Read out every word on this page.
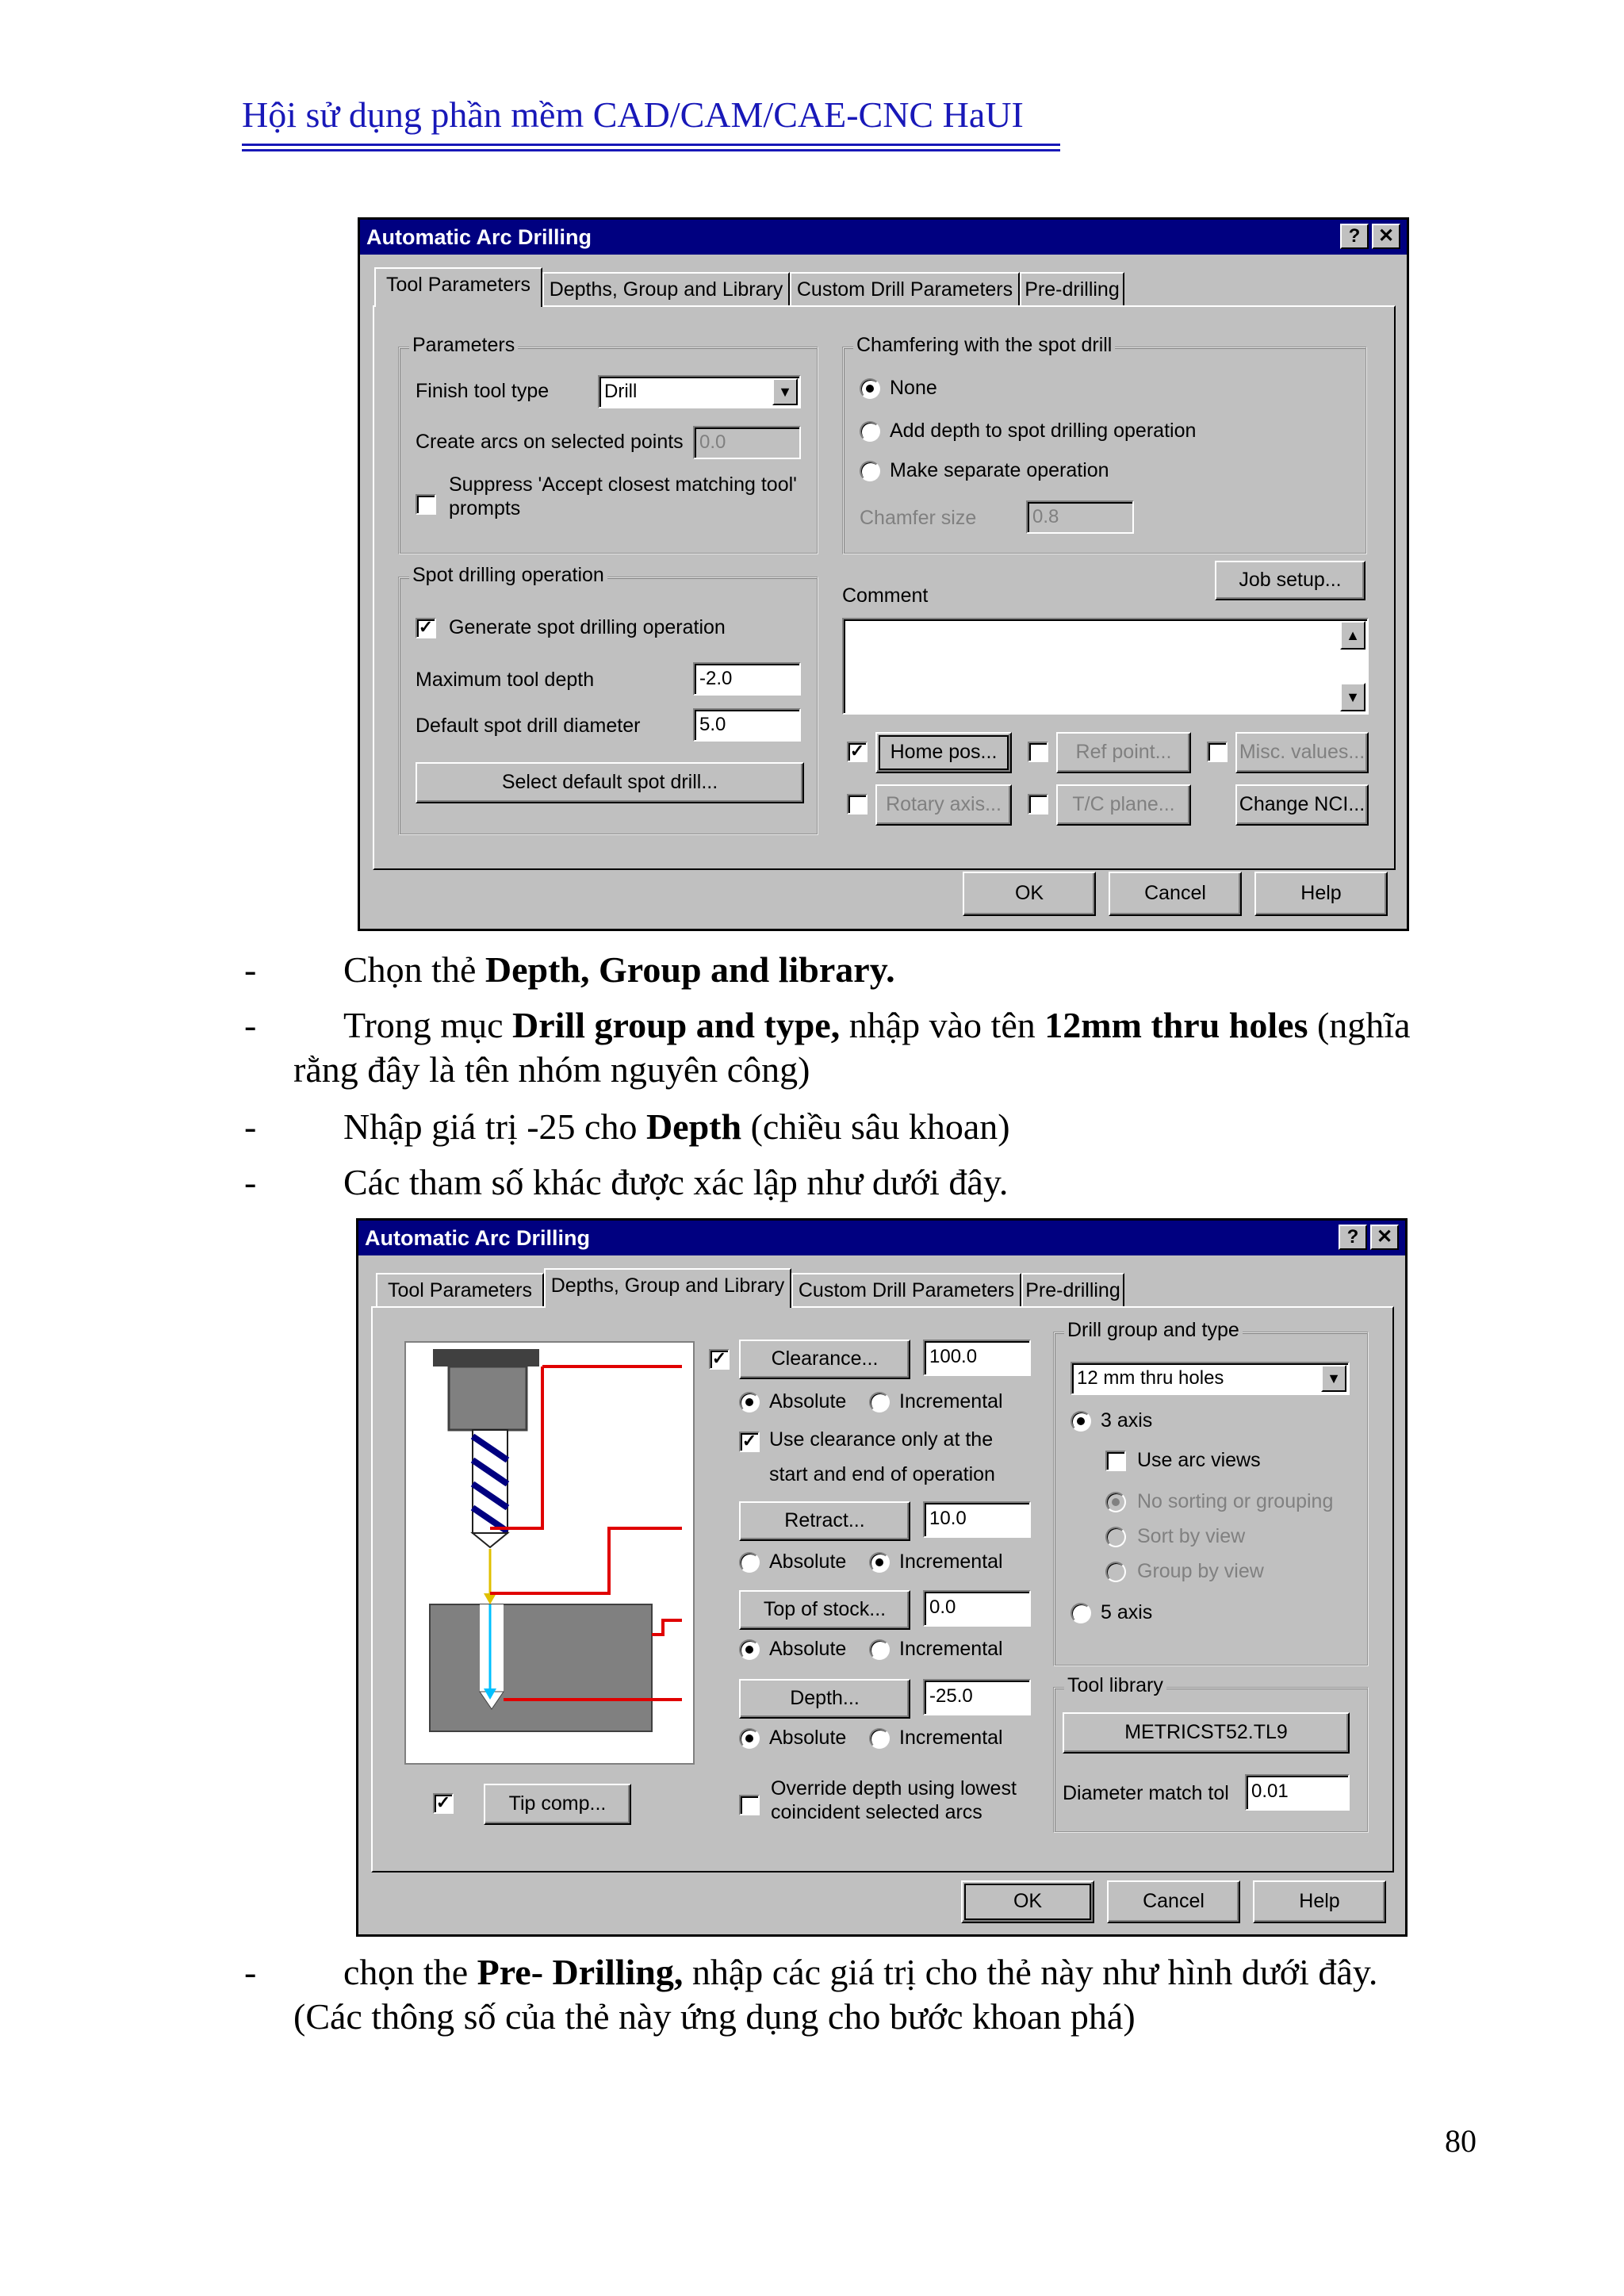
Hội sử dụng phần mềm CAD/CAM/CAE-CNC HaUI
Automatic Arc Drilling	? ✕
Tool Parameters Depths, Group and Library Custom Drill Parameters Pre-drilling
Parameters
Finish tool type	Drill	▼
Create arcs on selected points 0.0
Suppress 'Accept closest matching tool'
prompts
Chamfering with the spot drill
None
Add depth to spot drilling operation
Make separate operation
Chamfer size	0.8
Spot drilling operation
✓ Generate spot drilling operation
Maximum tool depth	-2.0
Default spot drill diameter	5.0
Select default spot drill...
Comment
Job setup...
▲
▼
✓	Home pos...	Ref point...	Misc. values...
Rotary axis...	T/C plane...	Change NCI...
OK	Cancel	Help
- Chọn thẻ Depth, Group and library.
- Trong mục Drill group and type, nhập vào tên 12mm thru holes (nghĩa
rằng đây là tên nhóm nguyên công)
- Nhập giá trị -25 cho Depth (chiều sâu khoan)
- Các tham số khác được xác lập như dưới đây.
Automatic Arc Drilling	? ✕
Tool Parameters Depths, Group and Library Custom Drill Parameters Pre-drilling
✓	Clearance...	100.0
Absolute	Incremental
✓ Use clearance only at the
start and end of operation
Retract...	10.0
Absolute	Incremental
Top of stock...	0.0
Absolute	Incremental
Depth...	-25.0
Absolute	Incremental
✓	Tip comp...
Override depth using lowest
coincident selected arcs
Drill group and type
12 mm thru holes	▼
3 axis
Use arc views
No sorting or grouping
Sort by view
Group by view
5 axis
Tool library
METRICST52.TL9
Diameter match tol	0.01
OK	Cancel	Help
- chọn the Pre- Drilling, nhập các giá trị cho thẻ này như hình dưới đây.
(Các thông số của thẻ này ứng dụng cho bước khoan phá)
80
